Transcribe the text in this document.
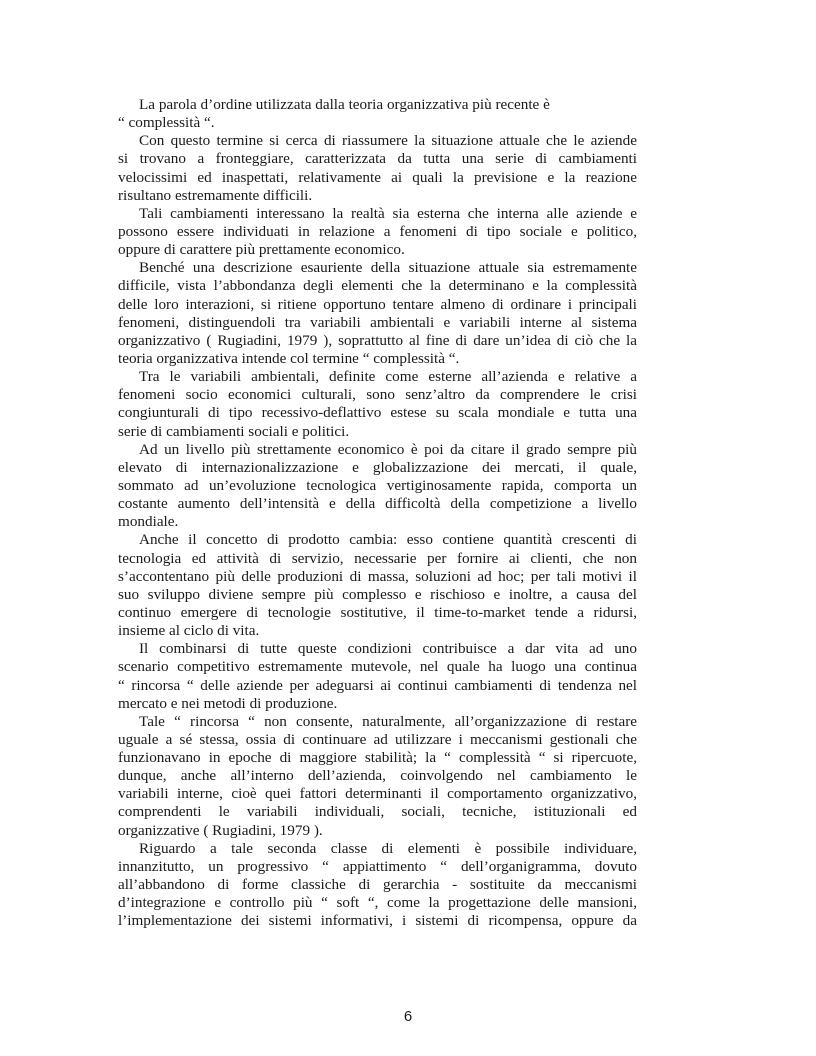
La parola d’ordine utilizzata dalla teoria organizzativa più recente è
“ complessità “.

Con questo termine si cerca di riassumere la situazione attuale che le aziende
si trovano a fronteggiare, caratterizzata da tutta una serie di cambiamenti
velocissimi ed inaspettati, relativamente ai quali la previsione e la reazione
risultano estremamente difficili.

Tali cambiamenti interessano la realtà sia esterna che interna alle aziende e
possono essere individuati in relazione a fenomeni di tipo sociale e politico,
oppure di carattere più prettamente economico.

Benché una descrizione esauriente della situazione attuale sia estremamente
difficile, vista l’abbondanza degli elementi che la determinano e la complessità
delle loro interazioni, si ritiene opportuno tentare almeno di ordinare i principali
fenomeni, distinguendoli tra variabili ambientali e variabili interne al sistema
organizzativo ( Rugiadini, 1979 ), soprattutto al fine di dare un’idea di ciò che la
teoria organizzativa intende col termine “ complessità “.

Tra le variabili ambientali, definite come esterne all’azienda e relative a
fenomeni socio economici culturali, sono senz’altro da comprendere le crisi
congiunturali di tipo recessivo-deflattivo estese su scala mondiale e tutta una
serie di cambiamenti sociali e politici.

Ad un livello più strettamente economico è poi da citare il grado sempre più
elevato di internazionalizzazione e globalizzazione dei mercati, il quale,
sommato ad un’evoluzione tecnologica vertiginosamente rapida, comporta un
costante aumento dell’intensità e della difficoltà della competizione a livello
mondiale.

Anche il concetto di prodotto cambia: esso contiene quantità crescenti di
tecnologia ed attività di servizio, necessarie per fornire ai clienti, che non
s’accontentano più delle produzioni di massa, soluzioni ad hoc; per tali motivi il
suo sviluppo diviene sempre più complesso e rischioso e inoltre, a causa del
continuo emergere di tecnologie sostitutive, il time-to-market tende a ridursi,
insieme al ciclo di vita.

Il combinarsi di tutte queste condizioni contribuisce a dar vita ad uno
scenario competitivo estremamente mutevole, nel quale ha luogo una continua
“ rincorsa “ delle aziende per adeguarsi ai continui cambiamenti di tendenza nel
mercato e nei metodi di produzione.

Tale “ rincorsa “ non consente, naturalmente, all’organizzazione di restare
uguale a sé stessa, ossia di continuare ad utilizzare i meccanismi gestionali che
funzionavano in epoche di maggiore stabilità; la “ complessità “ si ripercuote,
dunque, anche all’interno dell’azienda, coinvolgendo nel cambiamento le
variabili interne, cioè quei fattori determinanti il comportamento organizzativo,
comprendenti le variabili individuali, sociali, tecniche, istituzionali ed
organizzative ( Rugiadini, 1979 ).

Riguardo a tale seconda classe di elementi è possibile individuare,
innanzitutto, un progressivo “ appiattimento “ dell’organigramma, dovuto
all’abbandono di forme classiche di gerarchia - sostituite da meccanismi
d’integrazione e controllo più “ soft “, come la progettazione delle mansioni,
l’implementazione dei sistemi informativi, i sistemi di ricompensa, oppure da

6
